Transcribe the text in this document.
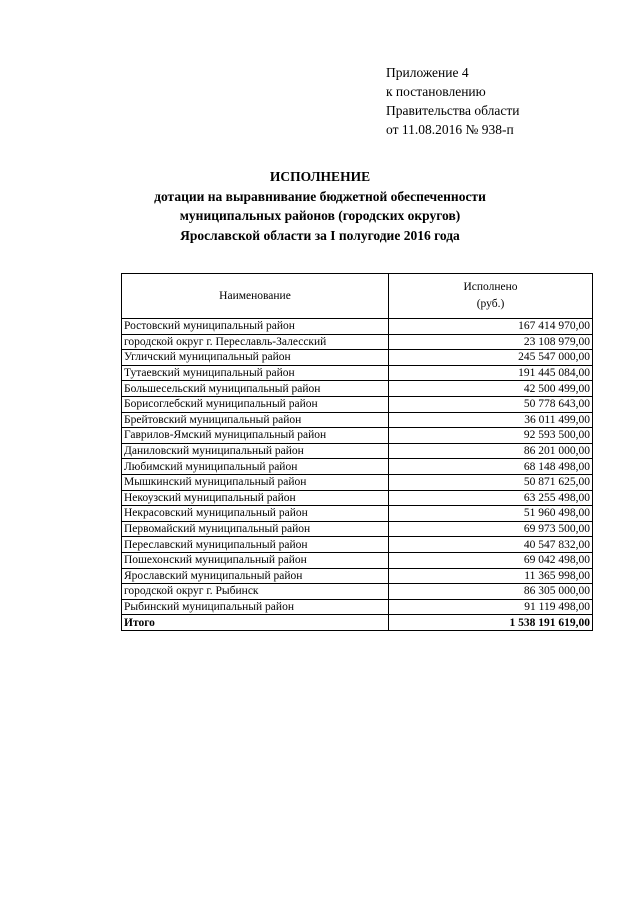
Приложение 4
к постановлению
Правительства области
от 11.08.2016 № 938-п
ИСПОЛНЕНИЕ
дотации на выравнивание бюджетной обеспеченности
муниципальных районов (городских округов)
Ярославской области за I полугодие 2016 года
Наименование	Исполнено
(руб.)

Ростовский муниципальный район	167 414 970,00
городской округ г. Переславль-Залесский	23 108 979,00
Угличский муниципальный район	245 547 000,00
Тутаевский муниципальный район	191 445 084,00
Большесельский муниципальный район	42 500 499,00
Борисоглебский муниципальный район	50 778 643,00
Брейтовский муниципальный район	36 011 499,00
Гаврилов-Ямский муниципальный район	92 593 500,00
Даниловский муниципальный район	86 201 000,00
Любимский муниципальный район	68 148 498,00
Мышкинский муниципальный район	50 871 625,00
Некоузский муниципальный район	63 255 498,00
Некрасовский муниципальный район	51 960 498,00
Первомайский муниципальный район	69 973 500,00
Переславский муниципальный район	40 547 832,00
Пошехонский муниципальный район	69 042 498,00
Ярославский муниципальный район	11 365 998,00
городской округ г. Рыбинск	86 305 000,00
Рыбинский муниципальный район	91 119 498,00
Итого	1 538 191 619,00
